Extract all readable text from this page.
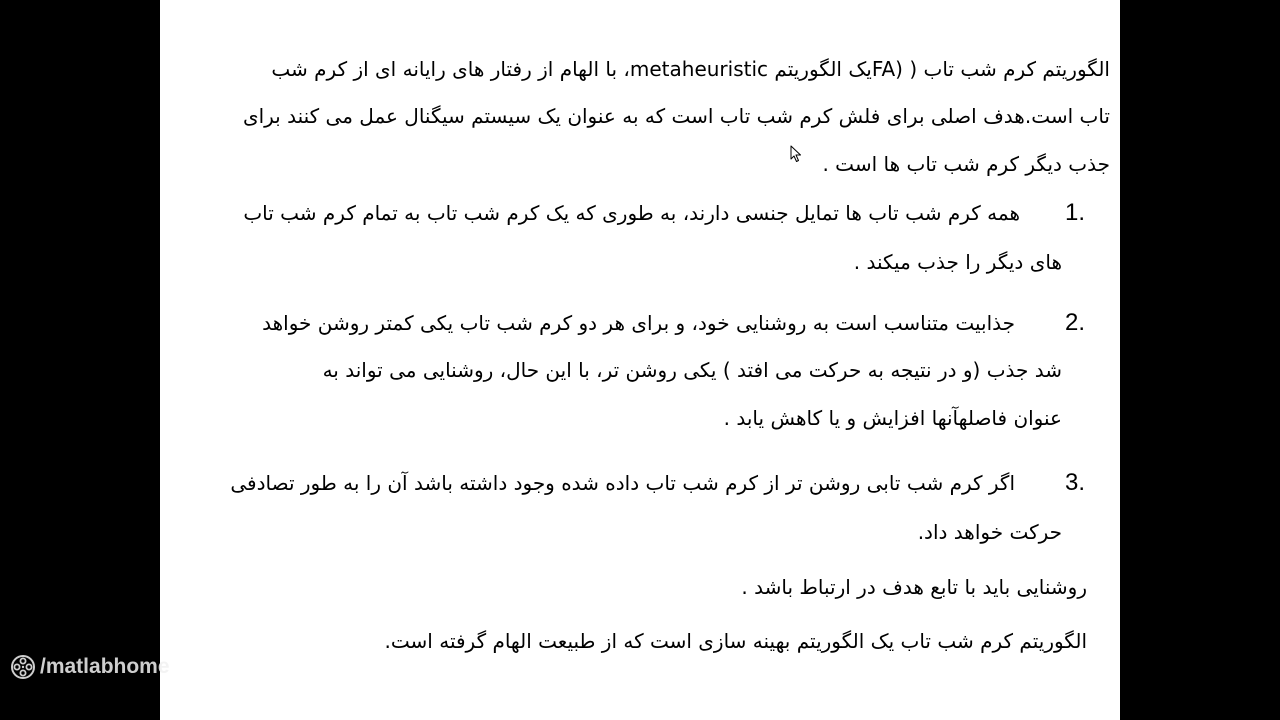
الگوریتم کرم شب تاب ( (FAیک الگوریتم metaheuristic، با الهام از رفتار های رایانه ای از کرم شب
تاب است.هدف اصلی برای فلش کرم شب تاب است که به عنوان یک سیستم سیگنال عمل می کنند برای
جذب دیگر کرم شب تاب ها است .
1.
همه کرم شب تاب ها تمایل جنسی دارند، به طوری که یک کرم شب تاب به تمام کرم شب تاب
های دیگر را جذب میکند .
2.
جذابیت متناسب است به روشنایی خود، و برای هر دو کرم شب تاب یکی کمتر روشن خواهد
شد جذب (و در نتیجه به حرکت می افتد ) یکی روشن تر، با این حال، روشنایی می تواند به
عنوان فاصلهآنها افزایش و یا کاهش یابد .
3.
اگر کرم شب تابی روشن تر از کرم شب تاب داده شده وجود داشته باشد آن را به طور تصادفی
حرکت خواهد داد.
روشنایی باید با تابع هدف در ارتباط باشد .
الگوریتم کرم شب تاب یک الگوریتم بهینه سازی است که از طبیعت الهام گرفته است.
/matlabhome
